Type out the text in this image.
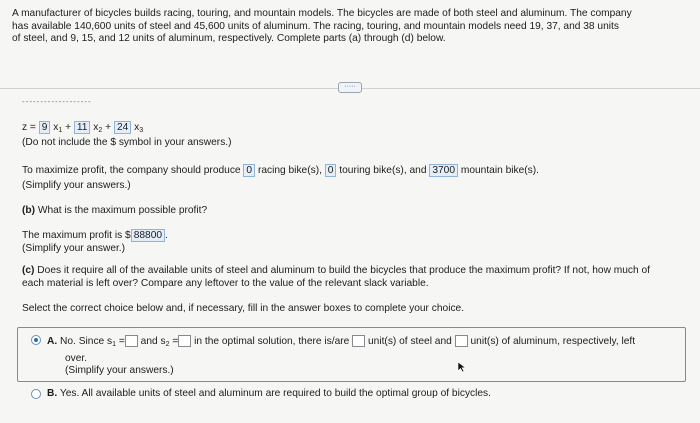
A manufacturer of bicycles builds racing, touring, and mountain models. The bicycles are made of both steel and aluminum. The company
has available 140,600 units of steel and 45,600 units of aluminum. The racing, touring, and mountain models need 19, 37, and 38 units
of steel, and 9, 15, and 12 units of aluminum, respectively. Complete parts (a) through (d) below.
·····
-------------------
z = 9 $x_1 + 11$ $x_2 + 24$ $x_3$
(Do not include the $ symbol in your answers.)
To maximize profit, the company should produce 0 racing bike(s), 0 touring bike(s), and 3700 mountain bike(s).
(Simplify your answers.)
(b) What is the maximum possible profit?
The maximum profit is $ 88800 .
(Simplify your answer.)
(c) Does it require all of the available units of steel and aluminum to build the bicycles that produce the maximum profit? If not, how much of
each material is left over? Compare any leftover to the value of the relevant slack variable.
Select the correct choice below and, if necessary, fill in the answer boxes to complete your choice.
A. No. Since $s_1$ = and $s_2$ = in the optimal solution, there is/are unit(s) of steel and unit(s) of aluminum, respectively, left
over.
(Simplify your answers.)
B. Yes. All available units of steel and aluminum are required to build the optimal group of bicycles.
